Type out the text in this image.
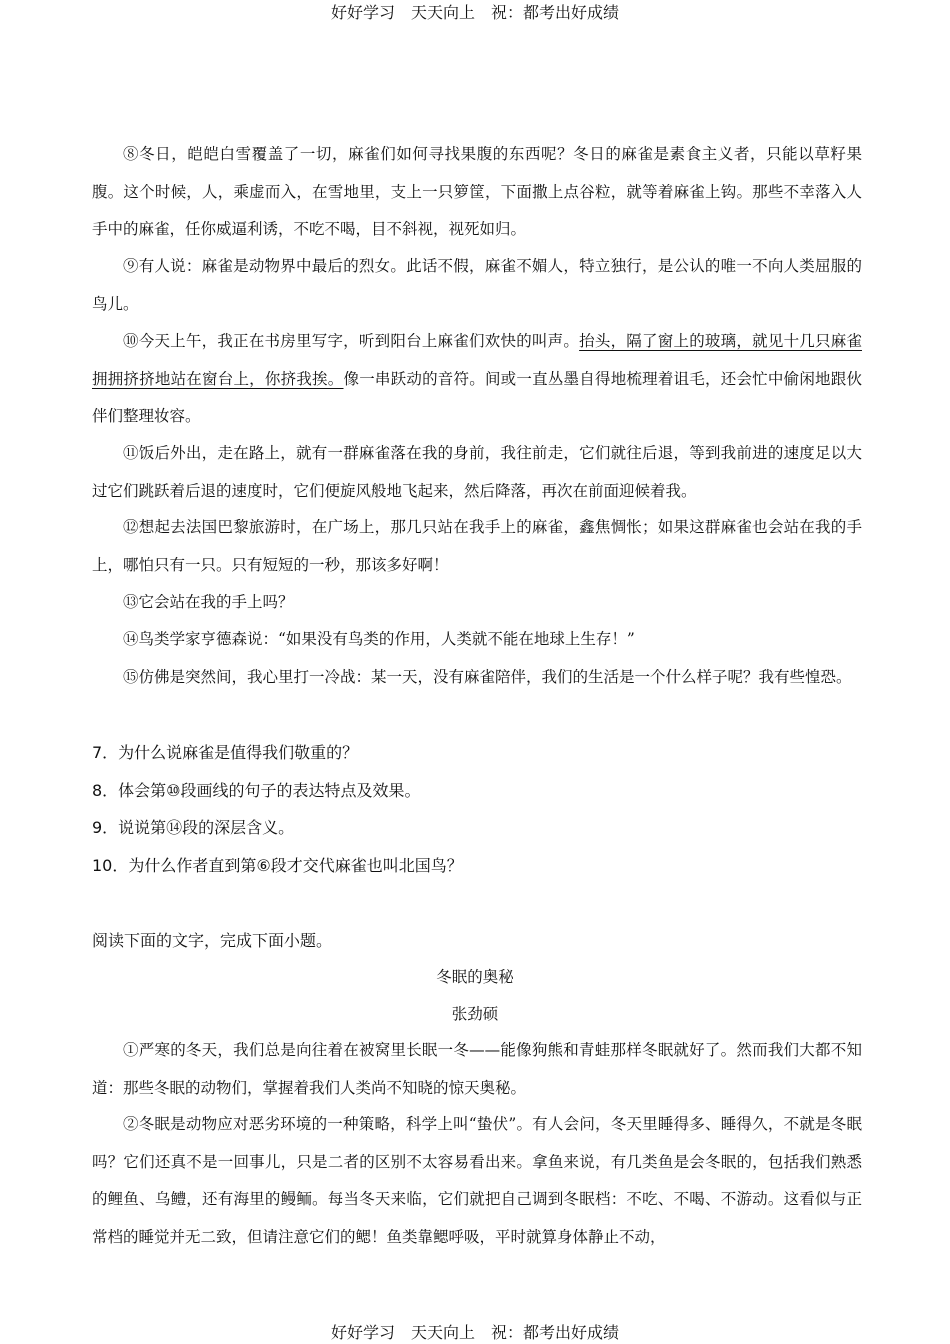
好好学习　天天向上　祝：都考出好成绩
⑧冬日，皑皑白雪覆盖了一切，麻雀们如何寻找果腹的东西呢？冬日的麻雀是素食主义者，只能以草籽果腹。这个时候，人，乘虚而入，在雪地里，支上一只箩筐，下面撒上点谷粒，就等着麻雀上钩。那些不幸落入人手中的麻雀，任你威逼利诱，不吃不喝，目不斜视，视死如归。
⑨有人说：麻雀是动物界中最后的烈女。此话不假，麻雀不媚人，特立独行，是公认的唯一不向人类屈服的鸟儿。
⑩今天上午，我正在书房里写字，听到阳台上麻雀们欢快的叫声。抬头，隔了窗上的玻璃，就见十几只麻雀拥拥挤挤地站在窗台上，你挤我挨。像一串跃动的音符。间或一直丛墨自得地梳理着诅毛，还会忙中偷闲地跟伙伴们整理妆容。
⑪饭后外出，走在路上，就有一群麻雀落在我的身前，我往前走，它们就往后退，等到我前进的速度足以大过它们跳跃着后退的速度时，它们便旋风般地飞起来，然后降落，再次在前面迎候着我。
⑫想起去法国巴黎旅游时，在广场上，那几只站在我手上的麻雀，鑫焦惆怅；如果这群麻雀也会站在我的手上，哪怕只有一只。只有短短的一秒，那该多好啊！
⑬它会站在我的手上吗？
⑭鸟类学家亨德森说：“如果没有鸟类的作用，人类就不能在地球上生存！”
⑮仿佛是突然间，我心里打一冷战：某一天，没有麻雀陪伴，我们的生活是一个什么样子呢？我有些惶恐。
7．为什么说麻雀是值得我们敬重的？
8．体会第⑩段画线的句子的表达特点及效果。
9．说说第⑭段的深层含义。
10．为什么作者直到第⑥段才交代麻雀也叫北国鸟？
阅读下面的文字，完成下面小题。
冬眠的奥秘
张劲硕
①严寒的冬天，我们总是向往着在被窝里长眠一冬——能像狗熊和青蛙那样冬眠就好了。然而我们大都不知道：那些冬眠的动物们，掌握着我们人类尚不知晓的惊天奥秘。
②冬眠是动物应对恶劣环境的一种策略，科学上叫“蛰伏”。有人会问，冬天里睡得多、睡得久，不就是冬眠吗？它们还真不是一回事儿，只是二者的区别不太容易看出来。拿鱼来说，有几类鱼是会冬眠的，包括我们熟悉的鲤鱼、乌鳢，还有海里的鳗鲕。每当冬天来临，它们就把自己调到冬眠档：不吃、不喝、不游动。这看似与正常档的睡觉并无二致，但请注意它们的鳃！鱼类靠鳃呼吸，平时就算身体静止不动，
好好学习　天天向上　祝：都考出好成绩
